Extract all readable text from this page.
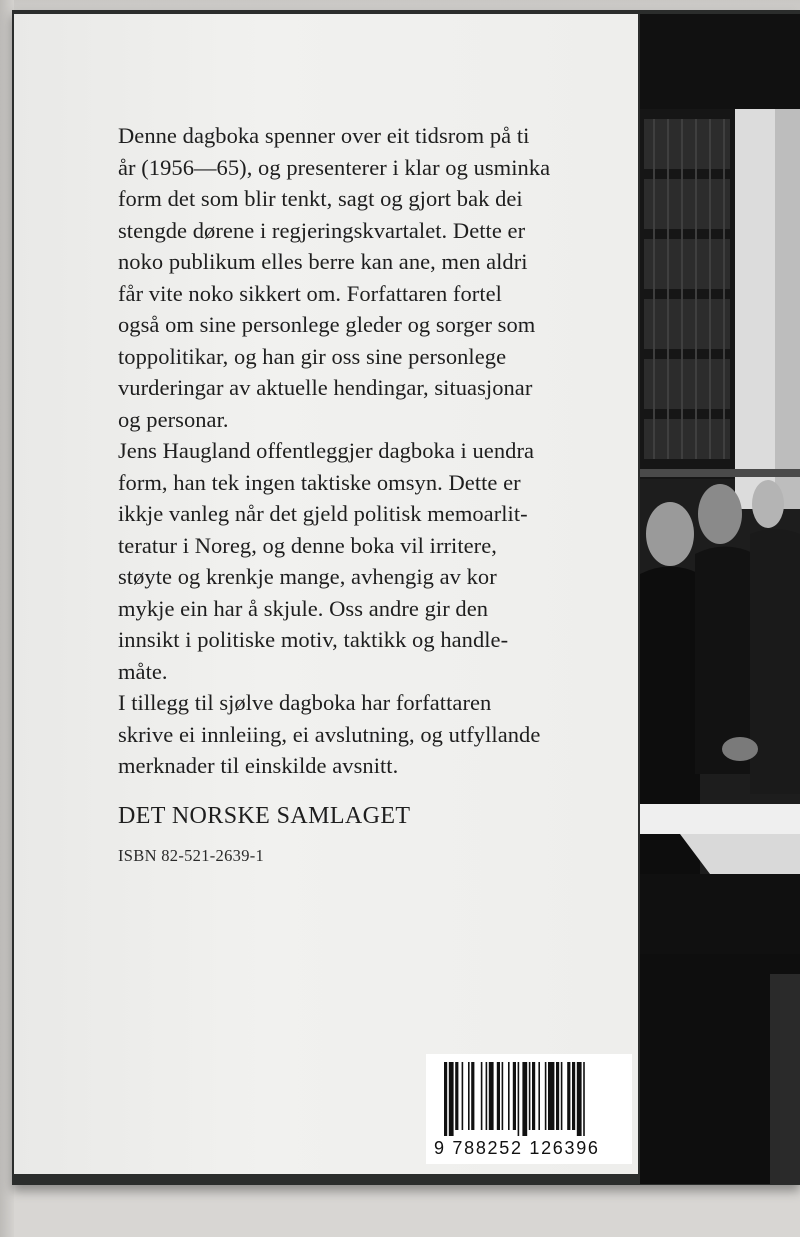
Denne dagboka spenner over eit tidsrom på ti
år (1956—65), og presenterer i klar og usminka
form det som blir tenkt, sagt og gjort bak dei
stengde dørene i regjeringskvartalet. Dette er
noko publikum elles berre kan ane, men aldri
får vite noko sikkert om. Forfattaren fortel
også om sine personlege gleder og sorger som
toppolitikar, og han gir oss sine personlege
vurderingar av aktuelle hendingar, situasjonar
og personar.

Jens Haugland offentleggjer dagboka i uendra
form, han tek ingen taktiske omsyn. Dette er
ikkje vanleg når det gjeld politisk memoarlit-
teratur i Noreg, og denne boka vil irritere,
støyte og krenkje mange, avhengig av kor
mykje ein har å skjule. Oss andre gir den
innsikt i politiske motiv, taktikk og handle-
måte.

I tillegg til sjølve dagboka har forfattaren
skrive ei innleiing, ei avslutning, og utfyllande
merknader til einskilde avsnitt.

DET NORSKE SAMLAGET
ISBN 82-521-2639-1
9 788252 126396
